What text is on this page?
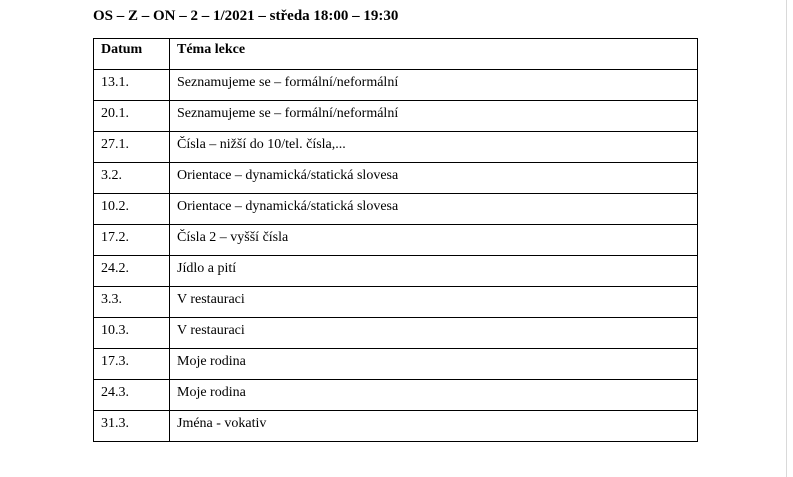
OS – Z – ON – 2 – 1/2021 – středa 18:00 – 19:30
Datum	Téma lekce
13.1.	Seznamujeme se – formální/neformální
20.1.	Seznamujeme se – formální/neformální
27.1.	Čísla – nižší do 10/tel. čísla,...
3.2.	Orientace – dynamická/statická slovesa
10.2.	Orientace – dynamická/statická slovesa
17.2.	Čísla 2 – vyšší čísla
24.2.	Jídlo a pití
3.3.	V restauraci
10.3.	V restauraci
17.3.	Moje rodina
24.3.	Moje rodina
31.3.	Jména - vokativ
